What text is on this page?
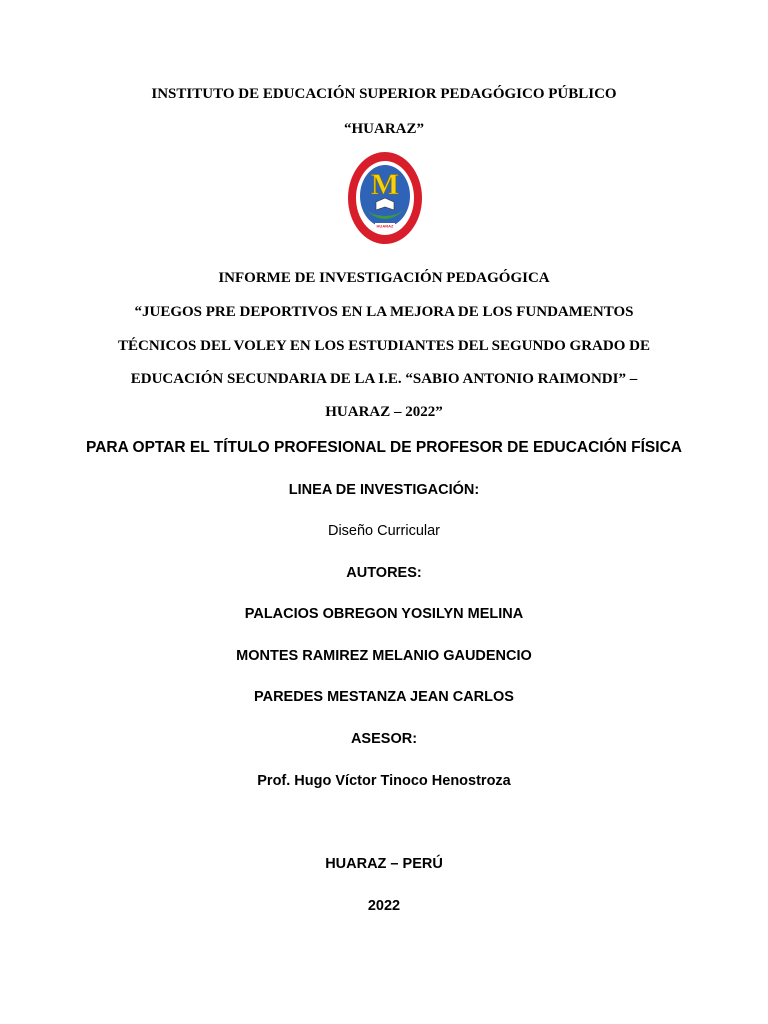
INSTITUTO DE EDUCACIÓN SUPERIOR PEDAGÓGICO PÚBLICO
“HUARAZ”
M
HUARAZ
INFORME DE INVESTIGACIÓN PEDAGÓGICA
“JUEGOS PRE DEPORTIVOS EN LA MEJORA DE LOS FUNDAMENTOS
TÉCNICOS DEL VOLEY EN LOS ESTUDIANTES DEL SEGUNDO GRADO DE
EDUCACIÓN SECUNDARIA DE LA I.E. “SABIO ANTONIO RAIMONDI” –
HUARAZ – 2022”
PARA OPTAR EL TÍTULO PROFESIONAL DE PROFESOR DE EDUCACIÓN FÍSICA
LINEA DE INVESTIGACIÓN:
Diseño Curricular
AUTORES:
PALACIOS OBREGON YOSILYN MELINA
MONTES RAMIREZ MELANIO GAUDENCIO
PAREDES MESTANZA JEAN CARLOS
ASESOR:
Prof. Hugo Víctor Tinoco Henostroza
HUARAZ – PERÚ
2022
